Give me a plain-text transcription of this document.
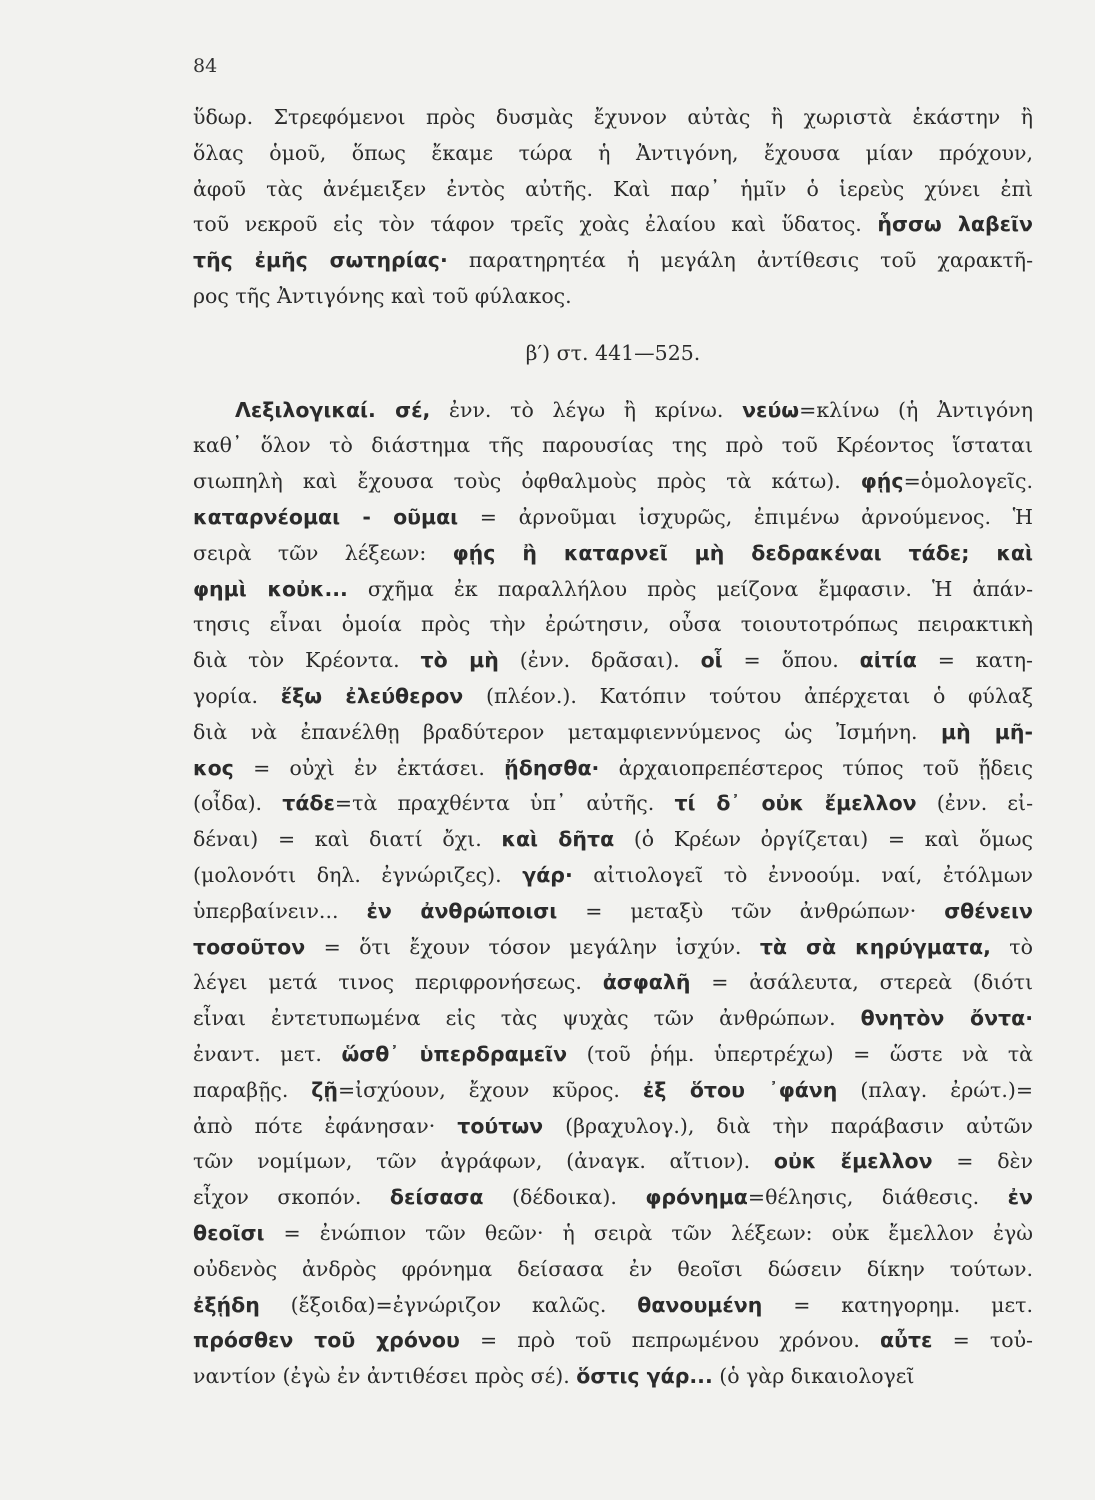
84
ὕδωρ. Στρεφόμενοι πρὸς δυσμὰς ἔχυνον αὐτὰς ἢ χωριστὰ ἑκάστην ἢ
ὅλας ὁμοῦ, ὅπως ἔκαμε τώρα ἡ Ἀντιγόνη, ἔχουσα μίαν πρόχουν,
ἀφοῦ τὰς ἀνέμειξεν ἐντὸς αὐτῆς. Καὶ παρ᾿ ἡμῖν ὁ ἱερεὺς χύνει ἐπὶ
τοῦ νεκροῦ εἰς τὸν τάφον τρεῖς χοὰς ἐλαίου καὶ ὕδατος. ἧσσω λαβεῖν
τῆς ἐμῆς σωτηρίας· παρατηρητέα ἡ μεγάλη ἀντίθεσις τοῦ χαρακτῆ-
ρος τῆς Ἀντιγόνης καὶ τοῦ φύλακος.
β′) στ. 441—525.
Λεξιλογικαί. σέ, ἐνν. τὸ λέγω ἢ κρίνω. νεύω=κλίνω (ἡ Ἀντιγόνη
καθ᾿ ὅλον τὸ διάστημα τῆς παρουσίας της πρὸ τοῦ Κρέοντος ἵσταται
σιωπηλὴ καὶ ἔχουσα τοὺς ὀφθαλμοὺς πρὸς τὰ κάτω). φῄς=ὁμολογεῖς.
καταρνέομαι - οῦμαι = ἀρνοῦμαι ἰσχυρῶς, ἐπιμένω ἀρνούμενος. Ἡ
σειρὰ τῶν λέξεων: φῄς ἢ καταρνεῖ μὴ δεδρακέναι τάδε; καὶ
φημὶ κοὐκ... σχῆμα ἐκ παραλλήλου πρὸς μείζονα ἔμφασιν. Ἡ ἀπάν-
τησις εἶναι ὁμοία πρὸς τὴν ἐρώτησιν, οὖσα τοιουτοτρόπως πειρακτικὴ
διὰ τὸν Κρέοντα. τὸ μὴ (ἐνν. δρᾶσαι). οἷ = ὅπου. αἰτία = κατη-
γορία. ἔξω ἐλεύθερον (πλέον.). Κατόπιν τούτου ἀπέρχεται ὁ φύλαξ
διὰ νὰ ἐπανέλθῃ βραδύτερον μεταμφιεννύμενος ὡς Ἰσμήνη. μὴ μῆ-
κος = οὐχὶ ἐν ἐκτάσει. ᾔδησθα· ἀρχαιοπρεπέστερος τύπος τοῦ ᾔδεις
(οἶδα). τάδε=τὰ πραχθέντα ὑπ᾿ αὐτῆς. τί δ᾿ οὐκ ἔμελλον (ἐνν. εἰ-
δέναι) = καὶ διατί ὄχι. καὶ δῆτα (ὁ Κρέων ὀργίζεται) = καὶ ὅμως
(μολονότι δηλ. ἐγνώριζες). γάρ· αἰτιολογεῖ τὸ ἐννοούμ. ναί, ἐτόλμων
ὑπερβαίνειν... ἐν ἀνθρώποισι = μεταξὺ τῶν ἀνθρώπων· σθένειν
τοσοῦτον = ὅτι ἔχουν τόσον μεγάλην ἰσχύν. τὰ σὰ κηρύγματα, τὸ
λέγει μετά τινος περιφρονήσεως. ἀσφαλῆ = ἀσάλευτα, στερεὰ (διότι
εἶναι ἐντετυπωμένα εἰς τὰς ψυχὰς τῶν ἀνθρώπων. θνητὸν ὄντα·
ἐναντ. μετ. ὥσθ᾿ ὑπερδραμεῖν (τοῦ ῥήμ. ὑπερτρέχω) = ὥστε νὰ τὰ
παραβῇς. ζῇ=ἰσχύουν, ἔχουν κῦρος. ἐξ ὅτου ᾿φάνη (πλαγ. ἐρώτ.)=
ἀπὸ πότε ἐφάνησαν· τούτων (βραχυλογ.), διὰ τὴν παράβασιν αὐτῶν
τῶν νομίμων, τῶν ἀγράφων, (ἀναγκ. αἴτιον). οὐκ ἔμελλον = δὲν
εἶχον σκοπόν. δείσασα (δέδοικα). φρόνημα=θέλησις, διάθεσις. ἐν
θεοῖσι = ἐνώπιον τῶν θεῶν· ἡ σειρὰ τῶν λέξεων: οὐκ ἔμελλον ἐγὼ
οὐδενὸς ἀνδρὸς φρόνημα δείσασα ἐν θεοῖσι δώσειν δίκην τούτων.
ἐξῄδη (ἔξοιδα)=ἐγνώριζον καλῶς. θανουμένη = κατηγορημ. μετ.
πρόσθεν τοῦ χρόνου = πρὸ τοῦ πεπρωμένου χρόνου. αὖτε = τοὐ-
ναντίον (ἐγὼ ἐν ἀντιθέσει πρὸς σέ). ὅστις γάρ... (ὁ γὰρ δικαιολογεῖ
